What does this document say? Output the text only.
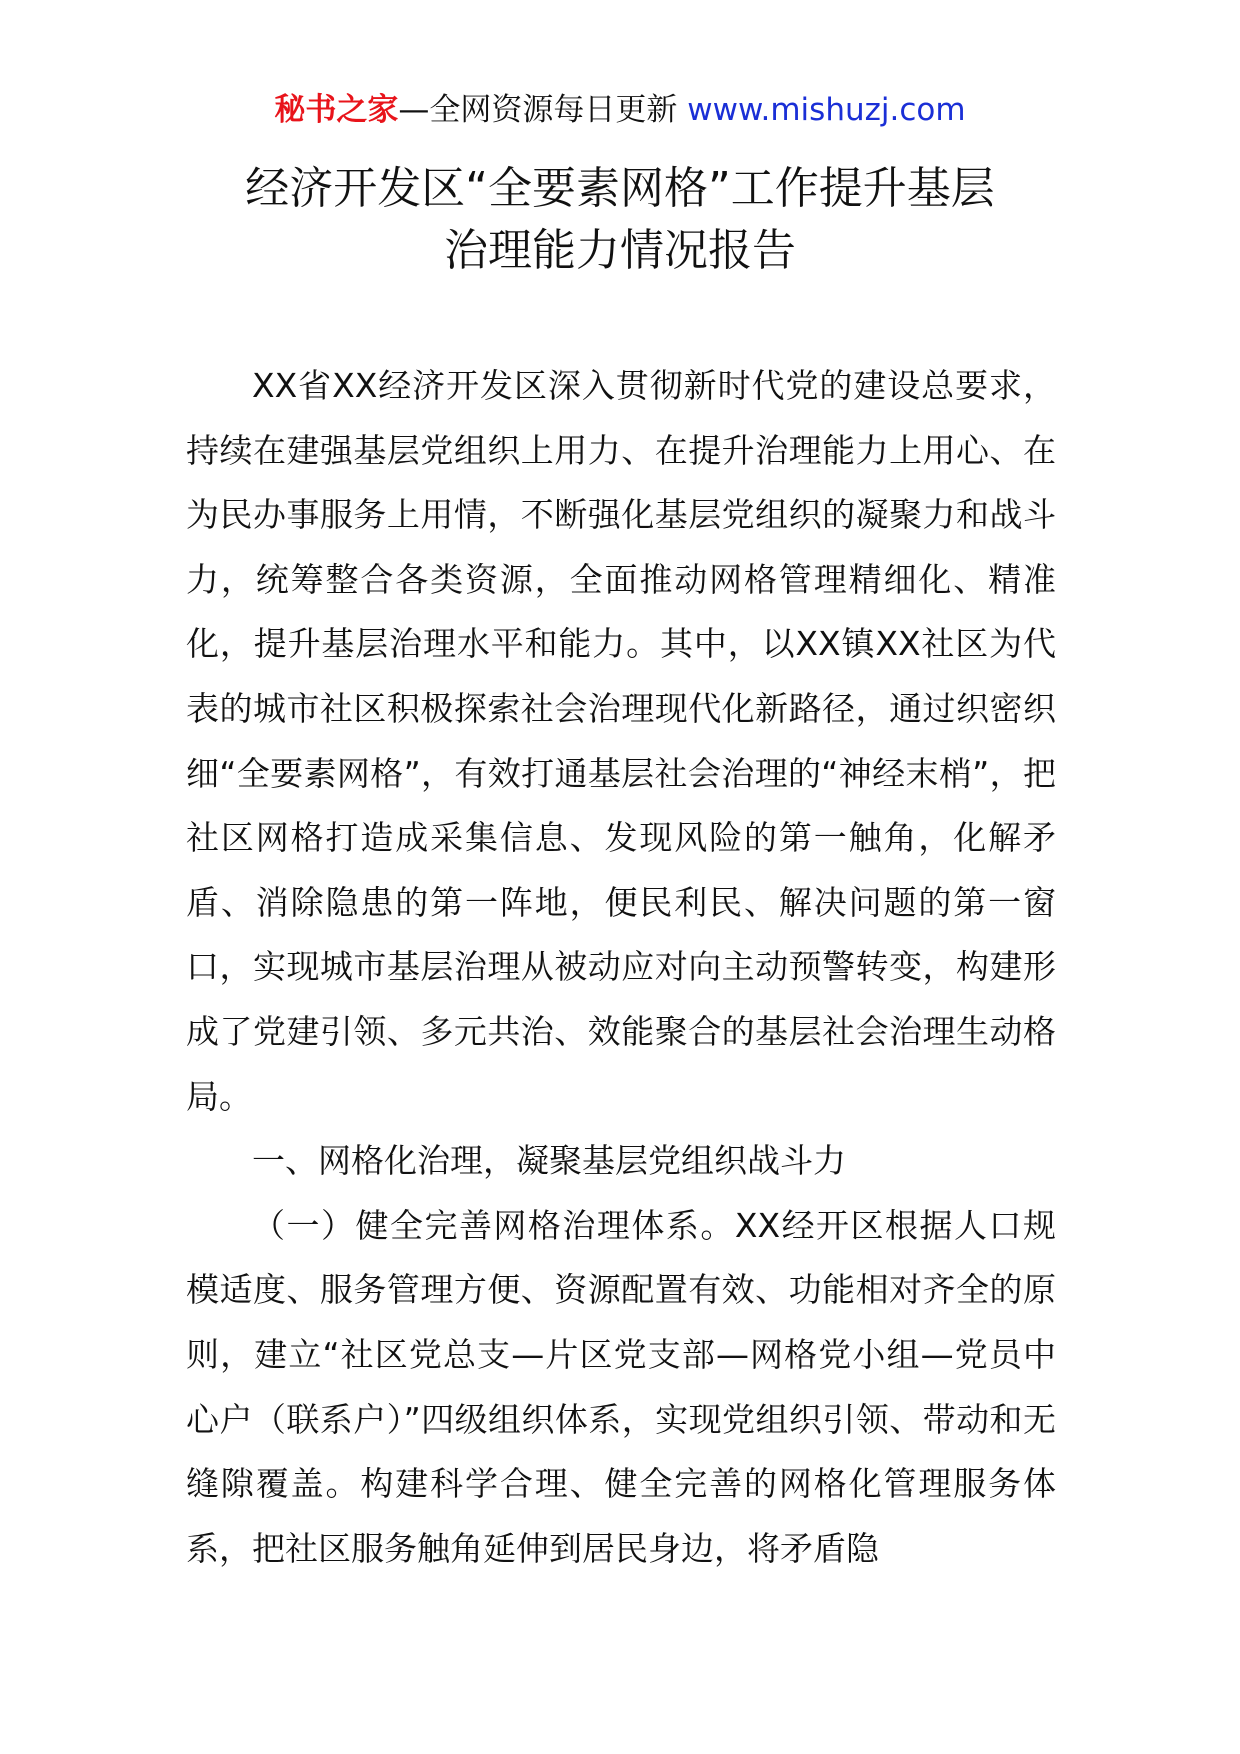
秘书之家—全网资源每日更新 www.mishuzj.com
经济开发区“全要素网格”工作提升基层
治理能力情况报告

XX省XX经济开发区深入贯彻新时代党的建设总要求，持续在建强基层党组织上用力、在提升治理能力上用心、在为民办事服务上用情，不断强化基层党组织的凝聚力和战斗力，统筹整合各类资源，全面推动网格管理精细化、精准化，提升基层治理水平和能力。其中，以XX镇XX社区为代表的城市社区积极探索社会治理现代化新路径，通过织密织细“全要素网格”，有效打通基层社会治理的“神经末梢”，把社区网格打造成采集信息、发现风险的第一触角，化解矛盾、消除隐患的第一阵地，便民利民、解决问题的第一窗口，实现城市基层治理从被动应对向主动预警转变，构建形成了党建引领、多元共治、效能聚合的基层社会治理生动格局。

一、网格化治理，凝聚基层党组织战斗力

（一）健全完善网格治理体系。XX经开区根据人口规模适度、服务管理方便、资源配置有效、功能相对齐全的原则，建立“社区党总支—片区党支部—网格党小组—党员中心户（联系户）”四级组织体系，实现党组织引领、带动和无缝隙覆盖。构建科学合理、健全完善的网格化管理服务体系，把社区服务触角延伸到居民身边，将矛盾隐
